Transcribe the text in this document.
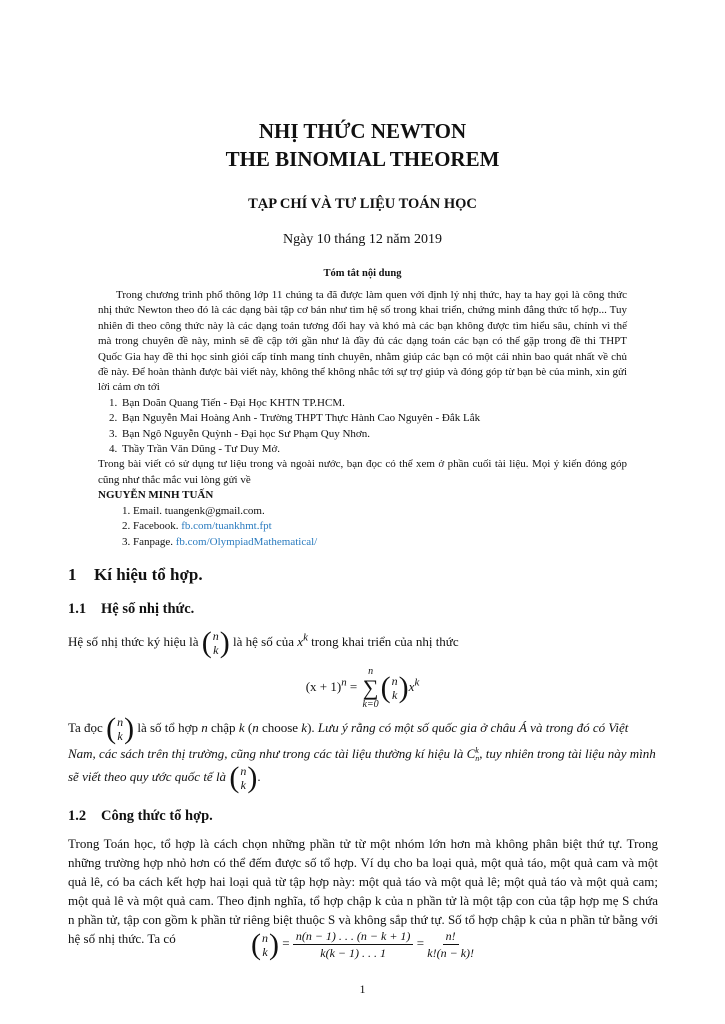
NHỊ THỨC NEWTON
THE BINOMIAL THEOREM
TẠP CHÍ VÀ TƯ LIỆU TOÁN HỌC
Ngày 10 tháng 12 năm 2019
Tóm tắt nội dung

Trong chương trình phổ thông lớp 11 chúng ta đã được làm quen với định lý nhị thức, hay ta hay gọi là công thức nhị thức Newton theo đó là các dạng bài tập cơ bản như tìm hệ số trong khai triển, chứng minh đẳng thức tổ hợp... Tuy nhiên đi theo công thức này là các dạng toán tương đối hay và khó mà các bạn không được tìm hiểu sâu, chính vì thế mà trong chuyên đề này, mình sẽ đề cập tới gần như là đầy đủ các dạng toán các bạn có thể gặp trong đề thi THPT Quốc Gia hay đề thi học sinh giỏi cấp tỉnh mang tính chuyên, nhằm giúp các bạn có một cái nhìn bao quát nhất về chủ đề này. Để hoàn thành được bài viết này, không thể không nhắc tới sự trợ giúp và đóng góp từ bạn bè của mình, xin gửi lời cảm ơn tới

1. Bạn Doãn Quang Tiến - Đại Học KHTN TP.HCM.
2. Bạn Nguyễn Mai Hoàng Anh - Trường THPT Thực Hành Cao Nguyên - Đắk Lắk
3. Bạn Ngô Nguyễn Quỳnh - Đại học Sư Phạm Quy Nhơn.
4. Thầy Trần Văn Dũng - Tư Duy Mở.

Trong bài viết có sử dụng tư liệu trong và ngoài nước, bạn đọc có thể xem ở phần cuối tài liệu. Mọi ý kiến đóng góp cũng như thắc mắc vui lòng gửi về

NGUYỄN MINH TUẤN

1. Email. tuangenk@gmail.com.

2. Facebook. fb.com/tuankhmt.fpt

3. Fanpage. fb.com/OlympiadMathematical/

1 Kí hiệu tổ hợp.
1.1 Hệ số nhị thức.
Hệ số nhị thức ký hiệu là ( n
k ) là hệ số của $x^k$ trong khai triển của nhị thức
$(x + 1)^n$ =
n
∑
k=0
( n
k ) $x^k$
Ta đọc ( n
k ) là số tổ hợp n chập k (n choose k). Lưu ý rằng có một số quốc gia ở châu Á và trong đó có Việt Nam, các sách trên thị trường, cũng như trong các tài liệu thường kí hiệu là C k
n , tuy nhiên trong tài liệu này mình sẽ viết theo quy ước quốc tế là ( n
k ) .
1.2 Công thức tổ hợp.
Trong Toán học, tổ hợp là cách chọn những phần tử từ một nhóm lớn hơn mà không phân biệt thứ tự. Trong những trường hợp nhỏ hơn có thể đếm được số tổ hợp. Ví dụ cho ba loại quả, một quả táo, một quả cam và một quả lê, có ba cách kết hợp hai loại quả từ tập hợp này: một quả táo và một quả lê; một quả táo và một quả cam; một quả lê và một quả cam. Theo định nghĩa, tổ hợp chập k của n phần tử là một tập con của tập hợp mẹ S chứa n phần tử, tập con gồm k phần tử riêng biệt thuộc S và không sắp thứ tự. Số tổ hợp chập k của n phần tử bằng với hệ số nhị thức. Ta có	( n
k ) = $\frac{n(n - 1) . . . (n - k + 1)}{k(k - 1) . . . 1} = \frac{n!}{k!(n - k)!}$
1
